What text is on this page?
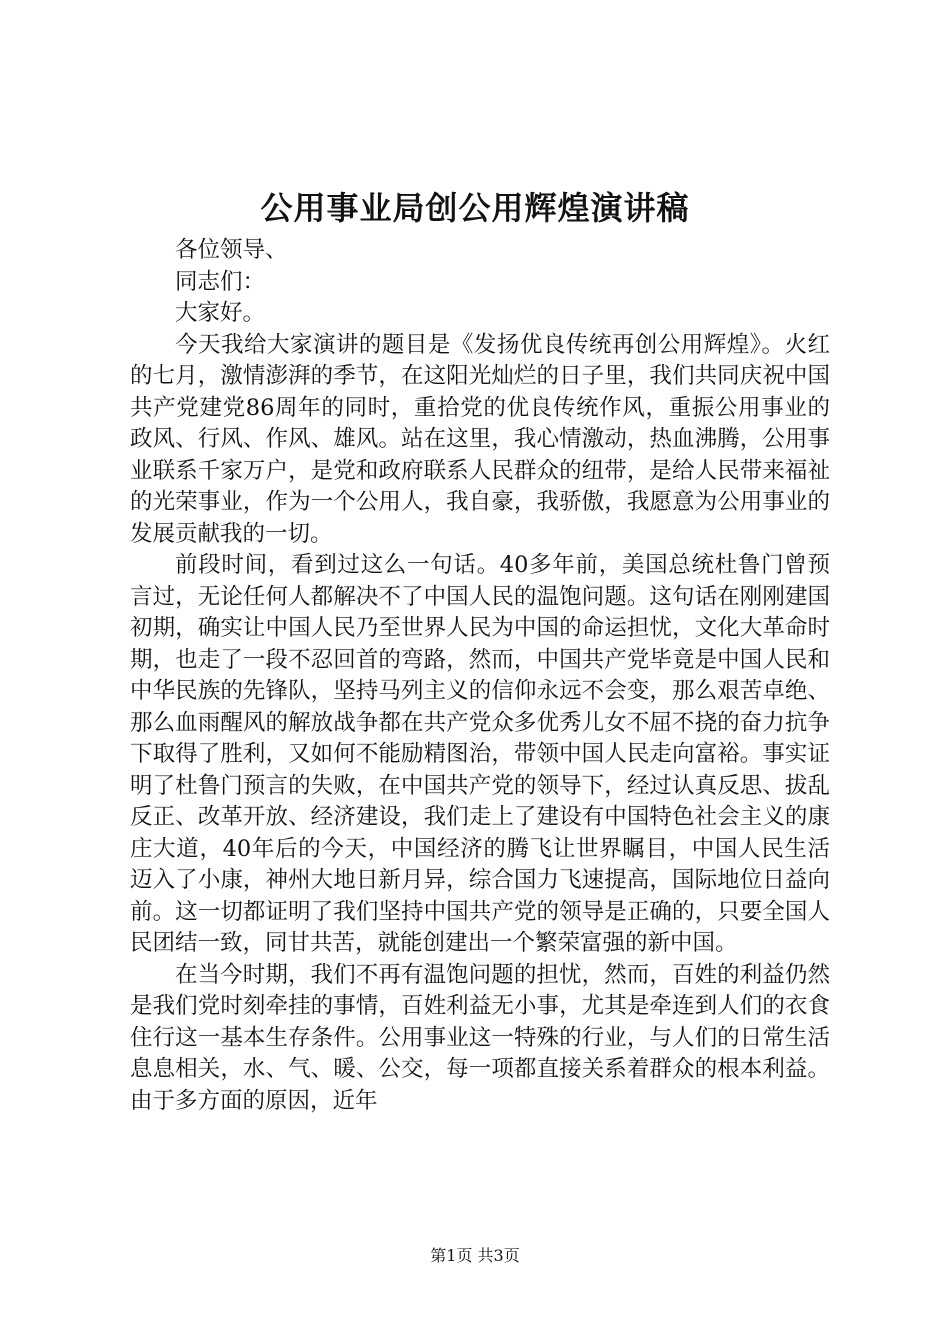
公用事业局创公用辉煌演讲稿

各位领导、

同志们：

大家好。

今天我给大家演讲的题目是《发扬优良传统再创公用辉煌》。火红的七月，激情澎湃的季节，在这阳光灿烂的日子里，我们共同庆祝中国共产党建党86周年的同时，重拾党的优良传统作风，重振公用事业的政风、行风、作风、雄风。站在这里，我心情激动，热血沸腾，公用事业联系千家万户，是党和政府联系人民群众的纽带，是给人民带来福祉的光荣事业，作为一个公用人，我自豪，我骄傲，我愿意为公用事业的发展贡献我的一切。

前段时间，看到过这么一句话。40多年前，美国总统杜鲁门曾预言过，无论任何人都解决不了中国人民的温饱问题。这句话在刚刚建国初期，确实让中国人民乃至世界人民为中国的命运担忧，文化大革命时期，也走了一段不忍回首的弯路，然而，中国共产党毕竟是中国人民和中华民族的先锋队，坚持马列主义的信仰永远不会变，那么艰苦卓绝、那么血雨醒风的解放战争都在共产党众多优秀儿女不屈不挠的奋力抗争下取得了胜利，又如何不能励精图治，带领中国人民走向富裕。事实证明了杜鲁门预言的失败，在中国共产党的领导下，经过认真反思、拔乱反正、改革开放、经济建设，我们走上了建设有中国特色社会主义的康庄大道，40年后的今天，中国经济的腾飞让世界瞩目，中国人民生活迈入了小康，神州大地日新月异，综合国力飞速提高，国际地位日益向前。这一切都证明了我们坚持中国共产党的领导是正确的，只要全国人民团结一致，同甘共苦，就能创建出一个繁荣富强的新中国。

在当今时期，我们不再有温饱问题的担忧，然而，百姓的利益仍然是我们党时刻牵挂的事情，百姓利益无小事，尤其是牵连到人们的衣食住行这一基本生存条件。公用事业这一特殊的行业，与人们的日常生活息息相关，水、气、暖、公交，每一项都直接关系着群众的根本利益。由于多方面的原因，近年

第1页 共3页
